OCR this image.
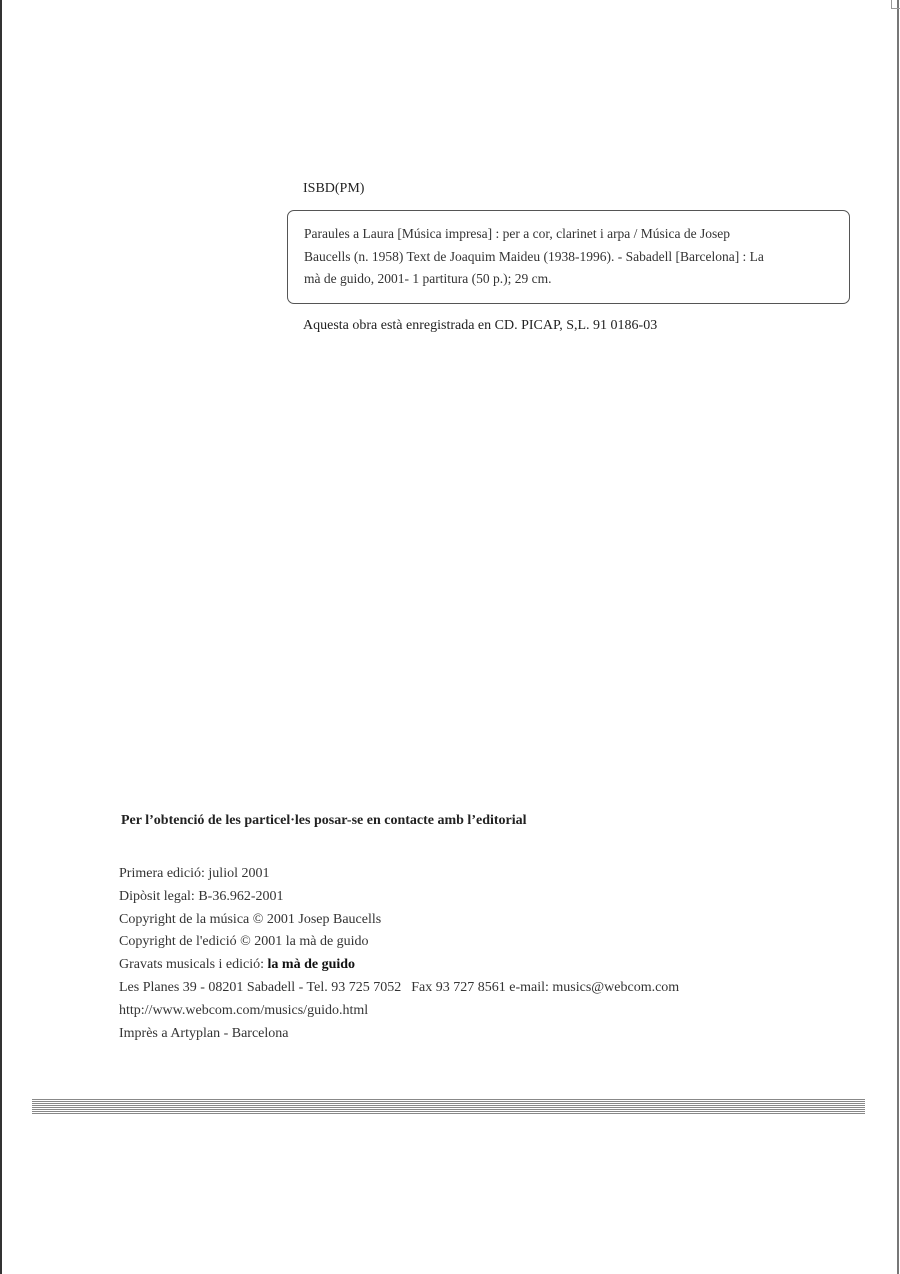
ISBD(PM)
Paraules a Laura [Música impresa] : per a cor, clarinet i arpa / Música de Josep
Baucells (n. 1958) Text de Joaquim Maideu (1938-1996). - Sabadell [Barcelona] : La
mà de guido, 2001- 1 partitura (50 p.); 29 cm.
Aquesta obra està enregistrada en CD. PICAP, S,L. 91 0186-03
Per l’obtenció de les particel·les posar-se en contacte amb l’editorial
Primera edició: juliol 2001
Dipòsit legal: B-36.962-2001
Copyright de la música © 2001 Josep Baucells
Copyright de l'edició © 2001 la mà de guido
Gravats musicals i edició: la mà de guido
Les Planes 39 - 08201 Sabadell - Tel. 93 725 7052 Fax 93 727 8561 e-mail: musics@webcom.com
http://www.webcom.com/musics/guido.html
Imprès a Artyplan - Barcelona
